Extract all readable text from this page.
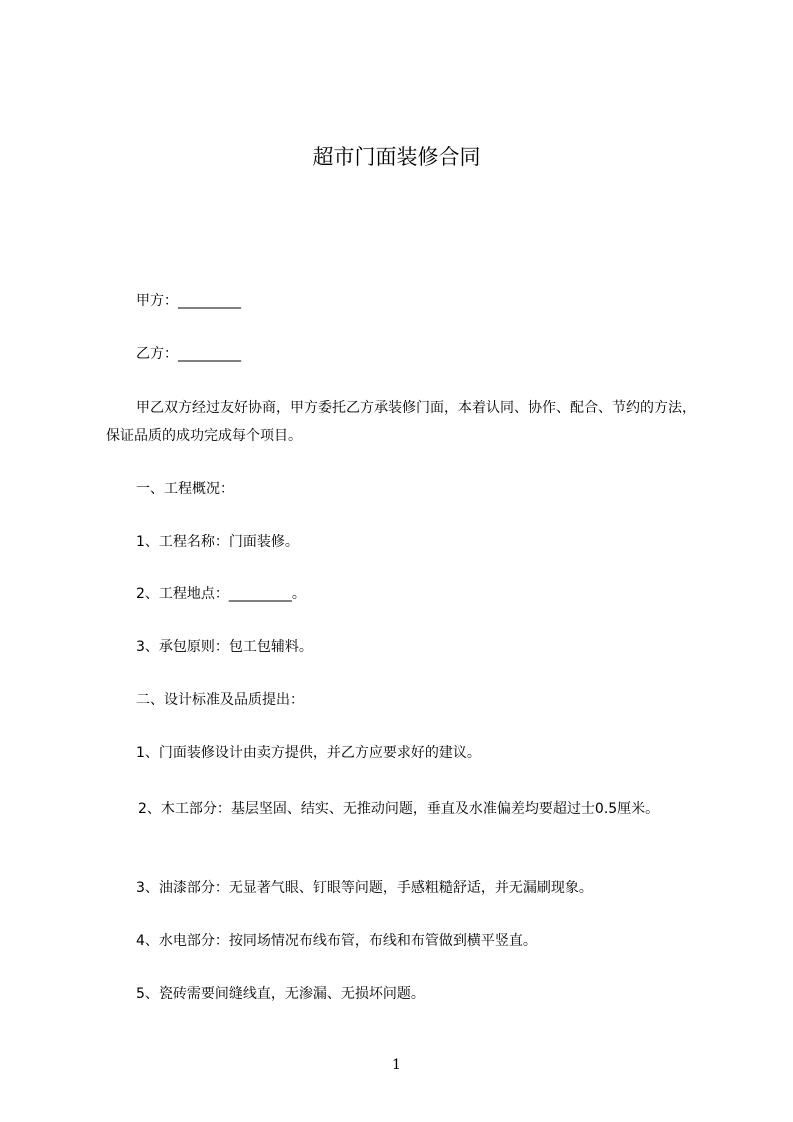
超市门面装修合同

甲方：_________

乙方：_________

甲乙双方经过友好协商，甲方委托乙方承装修门面，本着认同、协作、配合、节约的方法，保证品质的成功完成每个项目。

一、工程概况：

1、工程名称：门面装修。

2、工程地点：_________。

3、承包原则：包工包辅料。

二、设计标准及品质提出：

1、门面装修设计由卖方提供，并乙方应要求好的建议。

2、木工部分：基层坚固、结实、无推动问题，垂直及水准偏差均要超过士0.5厘米。

3、油漆部分：无显著气眼、钉眼等问题，手感粗糙舒适，并无漏刷现象。

4、水电部分：按同场情况布线布管，布线和布管做到横平竖直。

5、瓷砖需要间缝线直，无渗漏、无损坏问题。

1
